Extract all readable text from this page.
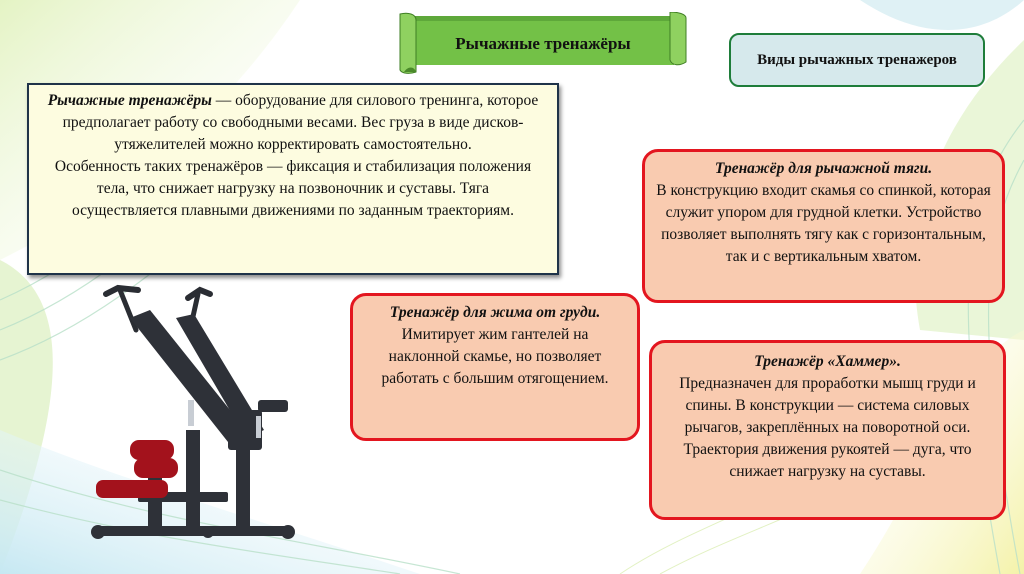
Рычажные тренажёры
Виды рычажных тренажеров
Рычажные тренажёры — оборудование для силового тренинга, которое предполагает работу со свободными весами. Вес груза в виде дисков-утяжелителей можно корректировать самостоятельно.
Особенность таких тренажёров — фиксация и стабилизация положения тела, что снижает нагрузку на позвоночник и суставы. Тяга осуществляется плавными движениями по заданным траекториям.
Тренажёр для рычажной тяги.
В конструкцию входит скамья со спинкой, которая служит упором для грудной клетки. Устройство позволяет выполнять тягу как с горизонтальным, так и с вертикальным хватом.
Тренажёр для жима от груди.
Имитирует жим гантелей на наклонной скамье, но позволяет работать с большим отягощением.
Тренажёр «Хаммер».
Предназначен для проработки мышц груди и спины. В конструкции — система силовых рычагов, закреплённых на поворотной оси. Траектория движения рукоятей — дуга, что снижает нагрузку на суставы.
